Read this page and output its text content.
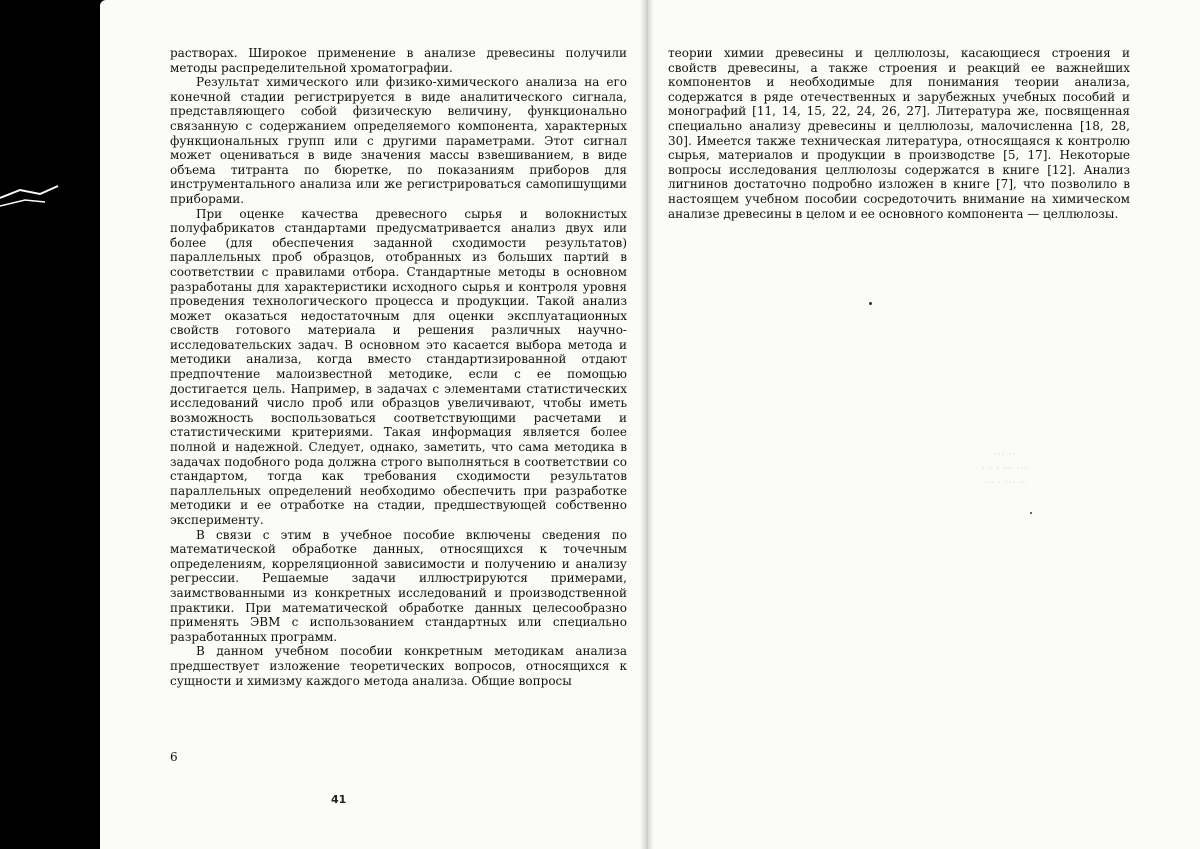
растворах. Широкое применение в анализе древесины получили методы распределительной хроматографии.

Результат химического или физико-химического анализа на его конечной стадии регистрируется в виде аналитического сигнала, представляющего собой физическую величину, функционально связанную с содержанием определяемого компонента, характерных функциональных групп или с другими параметрами. Этот сигнал может оцениваться в виде значения массы взвешиванием, в виде объема титранта по бюретке, по показаниям приборов для инструментального анализа или же регистрироваться самопишущими приборами.

При оценке качества древесного сырья и волокнистых полуфабрикатов стандартами предусматривается анализ двух или более (для обеспечения заданной сходимости результатов) параллельных проб образцов, отобранных из больших партий в соответствии с правилами отбора. Стандартные методы в основном разработаны для характеристики исходного сырья и контроля уровня проведения технологического процесса и продукции. Такой анализ может оказаться недостаточным для оценки эксплуатационных свойств готового материала и решения различных научно-исследовательских задач. В основном это касается выбора метода и методики анализа, когда вместо стандартизированной отдают предпочтение малоизвестной методике, если с ее помощью достигается цель. Например, в задачах с элементами статистических исследований число проб или образцов увеличивают, чтобы иметь возможность воспользоваться соответствующими расчетами и статистическими критериями. Такая информация является более полной и надежной. Следует, однако, заметить, что сама методика в задачах подобного рода должна строго выполняться в соответствии со стандартом, тогда как требования сходимости результатов параллельных определений необходимо обеспечить при разработке методики и ее отработке на стадии, предшествующей собственно эксперименту.

В связи с этим в учебное пособие включены сведения по математической обработке данных, относящихся к точечным определениям, корреляционной зависимости и получению и анализу регрессии. Решаемые задачи иллюстрируются примерами, заимствованными из конкретных исследований и производственной практики. При математической обработке данных целесообразно применять ЭВМ с использованием стандартных или специально разработанных программ.

В данном учебном пособии конкретным методикам анализа предшествует изложение теоретических вопросов, относящихся к сущности и химизму каждого метода анализа. Общие вопросы

6
41

теории химии древесины и целлюлозы, касающиеся строения и свойств древесины, а также строения и реакций ее важнейших компонентов и необходимые для понимания теории анализа, содержатся в ряде отечественных и зарубежных учебных пособий и монографий [11, 14, 15, 22, 24, 26, 27]. Литература же, посвященная специально анализу древесины и целлюлозы, малочисленна [18, 28, 30]. Имеется также техническая литература, относящаяся к контролю сырья, материалов и продукции в производстве [5, 17]. Некоторые вопросы исследования целлюлозы содержатся в книге [12]. Анализ лигнинов достаточно подробно изложен в книге [7], что позволило в настоящем учебном пособии сосредоточить внимание на химическом анализе древесины в целом и ее основного компонента — целлюлозы.

··· ··
· · · ··· ···
··· · ··· ··
